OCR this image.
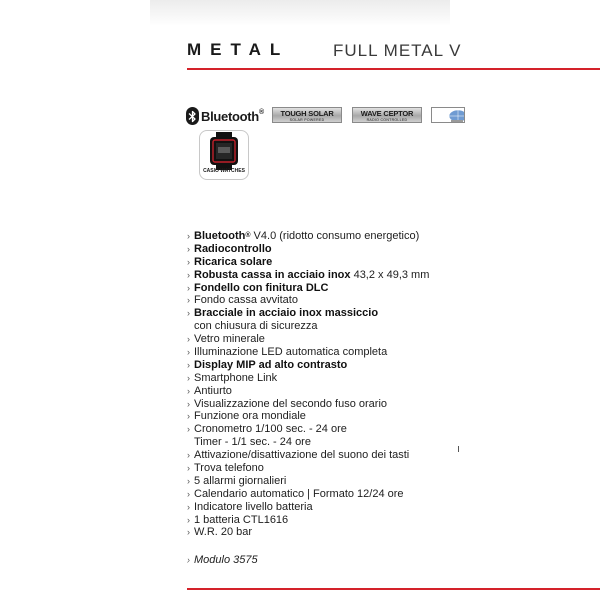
METAL	FULL METAL V
Bluetooth®	TOUGH SOLAR
SOLAR POWERED
WAVE CEPTOR
RADIO CONTROLLED
CASIO WATCHES
› Bluetooth® V4.0 (ridotto consumo energetico)
› Radiocontrollo
› Ricarica solare
› Robusta cassa in acciaio inox 43,2 x 49,3 mm
› Fondello con finitura DLC
› Fondo cassa avvitato
› Bracciale in acciaio inox massiccio
con chiusura di sicurezza
› Vetro minerale
› Illuminazione LED automatica completa
› Display MIP ad alto contrasto
› Smartphone Link
› Antiurto
› Visualizzazione del secondo fuso orario
› Funzione ora mondiale
› Cronometro 1/100 sec. - 24 ore
Timer - 1/1 sec. - 24 ore
› Attivazione/disattivazione del suono dei tasti
› Trova telefono
› 5 allarmi giornalieri
› Calendario automatico | Formato 12/24 ore
› Indicatore livello batteria
› 1 batteria CTL1616
› W.R. 20 bar
› Modulo 3575
